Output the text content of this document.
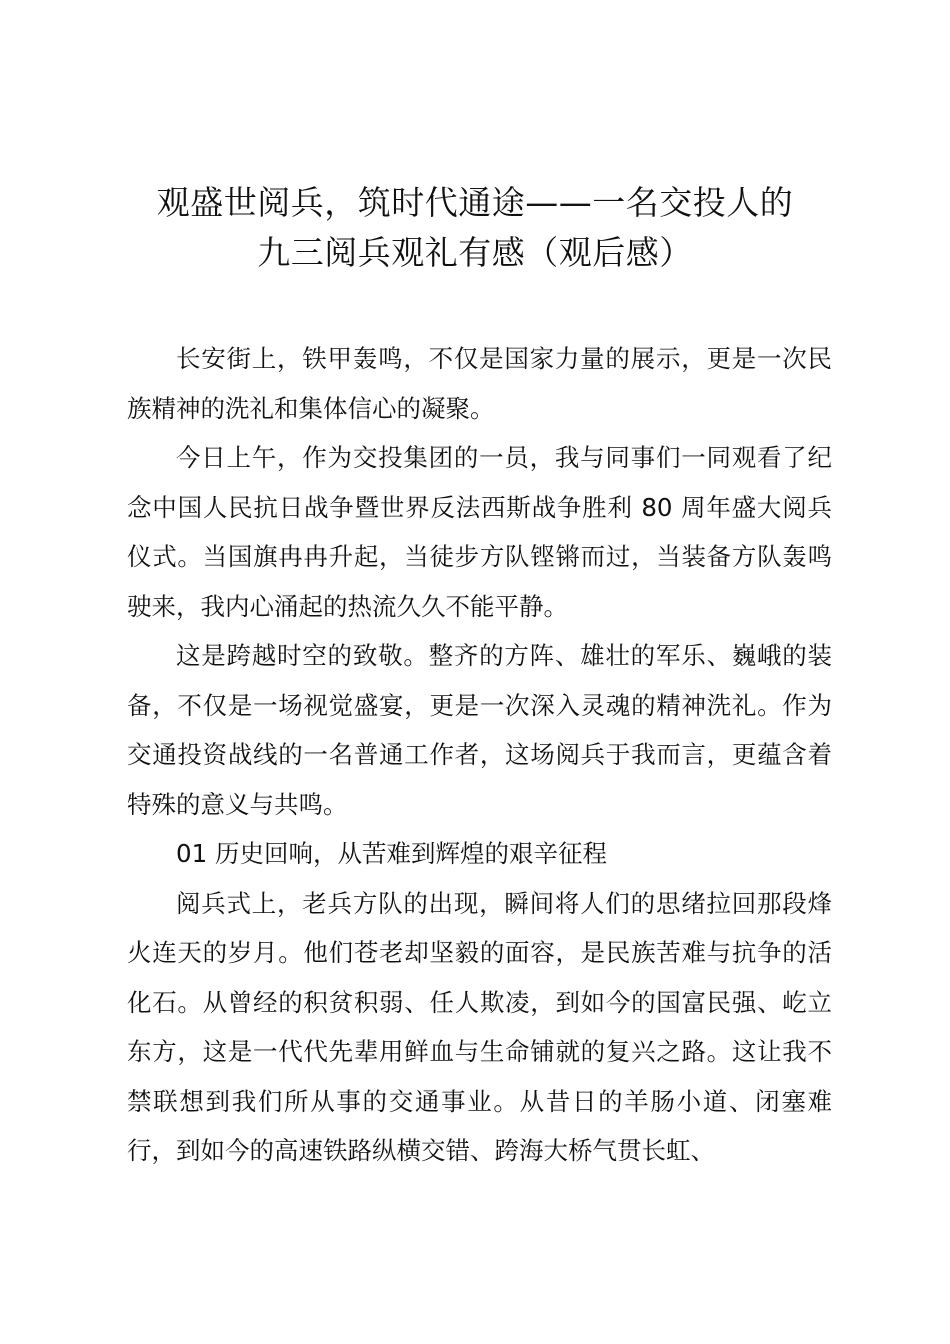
观盛世阅兵，筑时代通途——一名交投人的
九三阅兵观礼有感（观后感）

长安街上，铁甲轰鸣，不仅是国家力量的展示，更是一次民族精神的洗礼和集体信心的凝聚。

今日上午，作为交投集团的一员，我与同事们一同观看了纪念中国人民抗日战争暨世界反法西斯战争胜利 80 周年盛大阅兵仪式。当国旗冉冉升起，当徒步方队铿锵而过，当装备方队轰鸣驶来，我内心涌起的热流久久不能平静。

这是跨越时空的致敬。整齐的方阵、雄壮的军乐、巍峨的装备，不仅是一场视觉盛宴，更是一次深入灵魂的精神洗礼。作为交通投资战线的一名普通工作者，这场阅兵于我而言，更蕴含着特殊的意义与共鸣。

01 历史回响，从苦难到辉煌的艰辛征程

阅兵式上，老兵方队的出现，瞬间将人们的思绪拉回那段烽火连天的岁月。他们苍老却坚毅的面容，是民族苦难与抗争的活化石。从曾经的积贫积弱、任人欺凌，到如今的国富民强、屹立东方，这是一代代先辈用鲜血与生命铺就的复兴之路。这让我不禁联想到我们所从事的交通事业。从昔日的羊肠小道、闭塞难行，到如今的高速铁路纵横交错、跨海大桥气贯长虹、
